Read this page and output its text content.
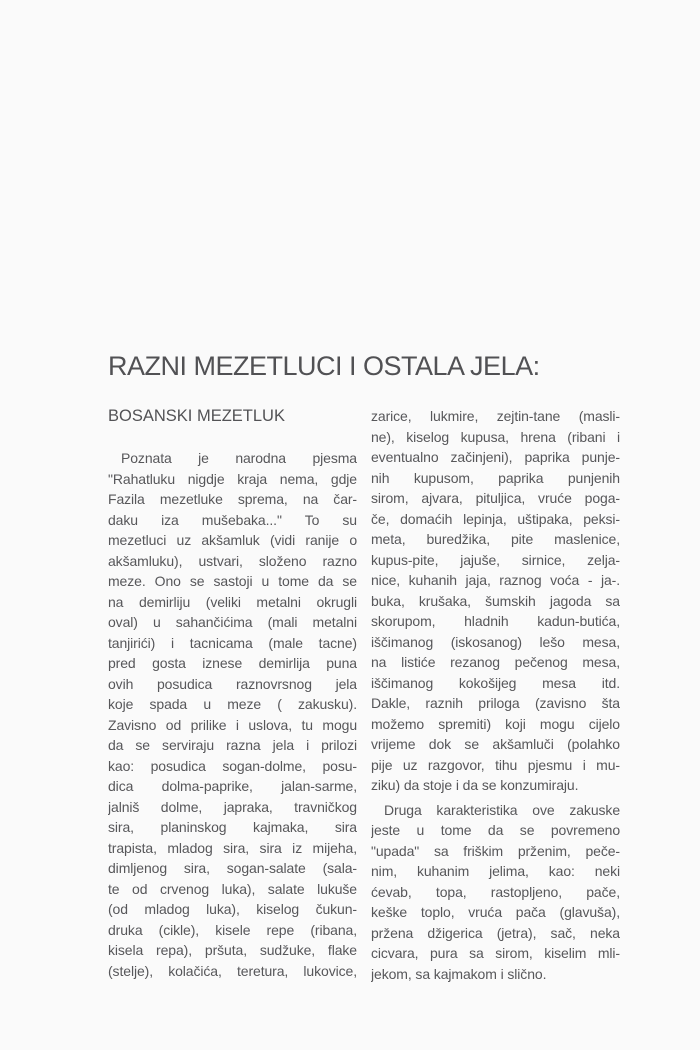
RAZNI MEZETLUCI I OSTALA JELA:
BOSANSKI MEZETLUK
Poznata je narodna pjesma
"Rahatluku nigdje kraja nema, gdje
Fazila mezetluke sprema, na čar-
daku iza mušebaka..." To su
mezetluci uz akšamluk (vidi ranije o
akšamluku), ustvari, složeno razno
meze. Ono se sastoji u tome da se
na demirliju (veliki metalni okrugli
oval) u sahančićima (mali metalni
tanjirići) i tacnicama (male tacne)
pred gosta iznese demirlija puna
ovih posudica raznovrsnog jela
koje spada u meze ( zakusku).
Zavisno od prilike i uslova, tu mogu
da se serviraju razna jela i prilozi
kao: posudica sogan-dolme, posu-
dica dolma-paprike, jalan-sarme,
jalniš dolme, japraka, travničkog
sira, planinskog kajmaka, sira
trapista, mladog sira, sira iz mijeha,
dimljenog sira, sogan-salate (sala-
te od crvenog luka), salate lukuše
(od mladog luka), kiselog čukun-
druka (cikle), kisele repe (ribana,
kisela repa), pršuta, sudžuke, flake
(stelje), kolačića, teretura, lukovice,
zarice, lukmire, zejtin-tane (masli-
ne), kiselog kupusa, hrena (ribani i
eventualno začinjeni), paprika punje-
nih kupusom, paprika punjenih
sirom, ajvara, pituljica, vruće poga-
če, domaćih lepinja, uštipaka, peksi-
meta, buredžika, pite maslenice,
kupus-pite, jajuše, sirnice, zelja-
nice, kuhanih jaja, raznog voća - ja-.
buka, krušaka, šumskih jagoda sa
skorupom, hladnih kadun-butića,
iščimanog (iskosanog) lešo mesa,
na listiće rezanog pečenog mesa,
iščimanog kokošijeg mesa itd.
Dakle, raznih priloga (zavisno šta
možemo spremiti) koji mogu cijelo
vrijeme dok se akšamluči (polahko
pije uz razgovor, tihu pjesmu i mu-
ziku) da stoje i da se konzumiraju.
Druga karakteristika ove zakuske
jeste u tome da se povremeno
"upada" sa friškim prženim, peče-
nim, kuhanim jelima, kao: neki
ćevab, topa, rastopljeno, pače,
keške toplo, vruća pača (glavuša),
pržena džigerica (jetra), sač, neka
cicvara, pura sa sirom, kiselim mli-
jekom, sa kajmakom i slično.
